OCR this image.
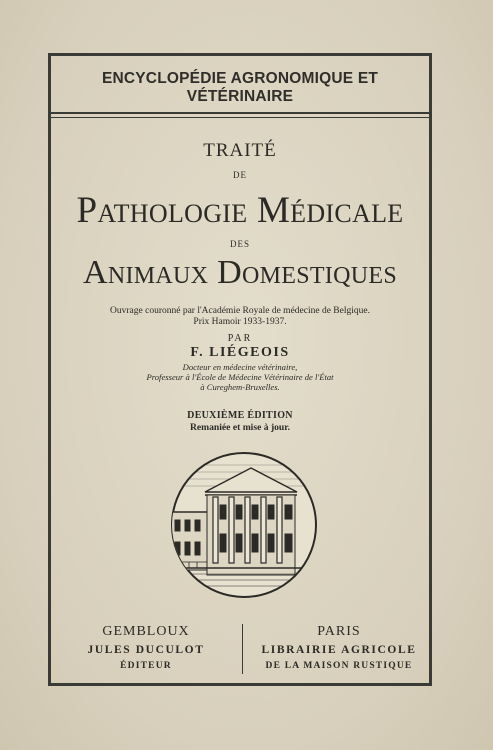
ENCYCLOPÉDIE AGRONOMIQUE ET VÉTÉRINAIRE
TRAITÉ
DE
Pathologie Médicale
DES
Animaux Domestiques
Ouvrage couronné par l'Académie Royale de médecine de Belgique.
Prix Hamoir 1933-1937.
PAR
F. LIÉGEOIS
Docteur en médecine vétérinaire,
Professeur à l'École de Médecine Vétérinaire de l'État
à Cureghem-Bruxelles.
DEUXIÈME ÉDITION
Remaniée et mise à jour.
GEMBLOUX
JULES DUCULOT
ÉDITEUR
PARIS
LIBRAIRIE AGRICOLE
DE LA MAISON RUSTIQUE
